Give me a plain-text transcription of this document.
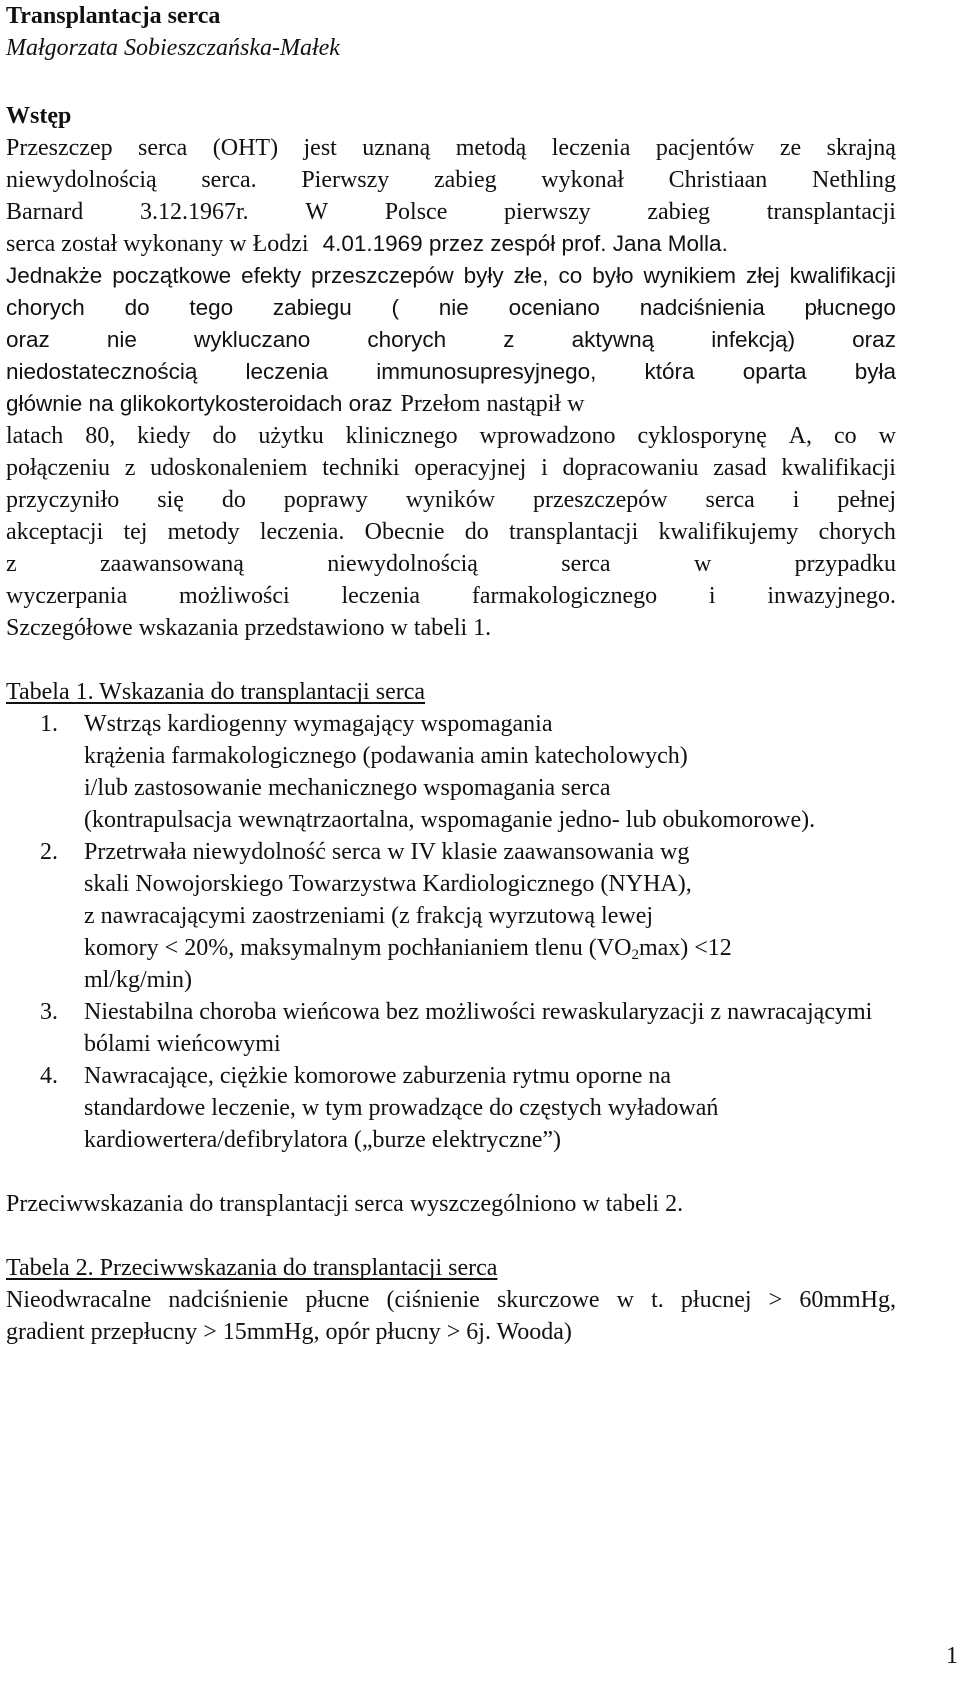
Transplantacja serca
Małgorzata Sobieszczańska-Małek
Wstęp
Przeszczep serca (OHT) jest uznaną metodą leczenia pacjentów ze skrajną
niewydolnością serca. Pierwszy zabieg wykonał Christiaan Nethling
Barnard 3.12.1967r. W Polsce pierwszy zabieg transplantacji
serca został wykonany w Łodzi 4.01.1969 przez zespół prof. Jana Molla.
Jednakże początkowe efekty przeszczepów były złe, co było wynikiem złej kwalifikacji
chorych do tego zabiegu ( nie oceniano nadciśnienia płucnego
oraz	nie	wykluczano	chorych	z	aktywną	infekcją)	oraz
niedostatecznością leczenia immunosupresyjnego, która oparta była
głównie na glikokortykosteroidach oraz Przełom nastąpił w
latach 80, kiedy do użytku klinicznego wprowadzono cyklosporynę A, co w
połączeniu z udoskonaleniem techniki operacyjnej i dopracowaniu zasad kwalifikacji
przyczyniło się do poprawy wyników przeszczepów serca i pełnej
akceptacji tej metody leczenia. Obecnie do transplantacji kwalifikujemy chorych
z	zaawansowaną	niewydolnością	serca	w	przypadku
wyczerpania możliwości leczenia farmakologicznego i inwazyjnego.
Szczegółowe wskazania przedstawiono w tabeli 1.
Tabela 1. Wskazania do transplantacji serca
1. Wstrząs kardiogenny wymagający wspomagania
krążenia farmakologicznego (podawania amin katecholowych)
i/lub zastosowanie mechanicznego wspomagania serca
(kontrapulsacja wewnątrzaortalna, wspomaganie jedno- lub obukomorowe).
2. Przetrwała niewydolność serca w IV klasie zaawansowania wg
skali Nowojorskiego Towarzystwa Kardiologicznego (NYHA),
z nawracającymi zaostrzeniami (z frakcją wyrzutową lewej
komory < 20%, maksymalnym pochłanianiem tlenu $(VO_2\max) <12$
ml/kg/min)
3. Niestabilna choroba wieńcowa bez możliwości rewaskularyzacji z nawracającymi
bólami wieńcowymi
4. Nawracające, ciężkie komorowe zaburzenia rytmu oporne na
standardowe leczenie, w tym prowadzące do częstych wyładowań
kardiowertera/defibrylatora („burze elektryczne”)
Przeciwwskazania do transplantacji serca wyszczególniono w tabeli 2.
Tabela 2. Przeciwwskazania do transplantacji serca
Nieodwracalne nadciśnienie płucne (ciśnienie skurczowe w t. płucnej > 60mmHg,
gradient przepłucny > 15mmHg, opór płucny > 6j. Wooda)
1
